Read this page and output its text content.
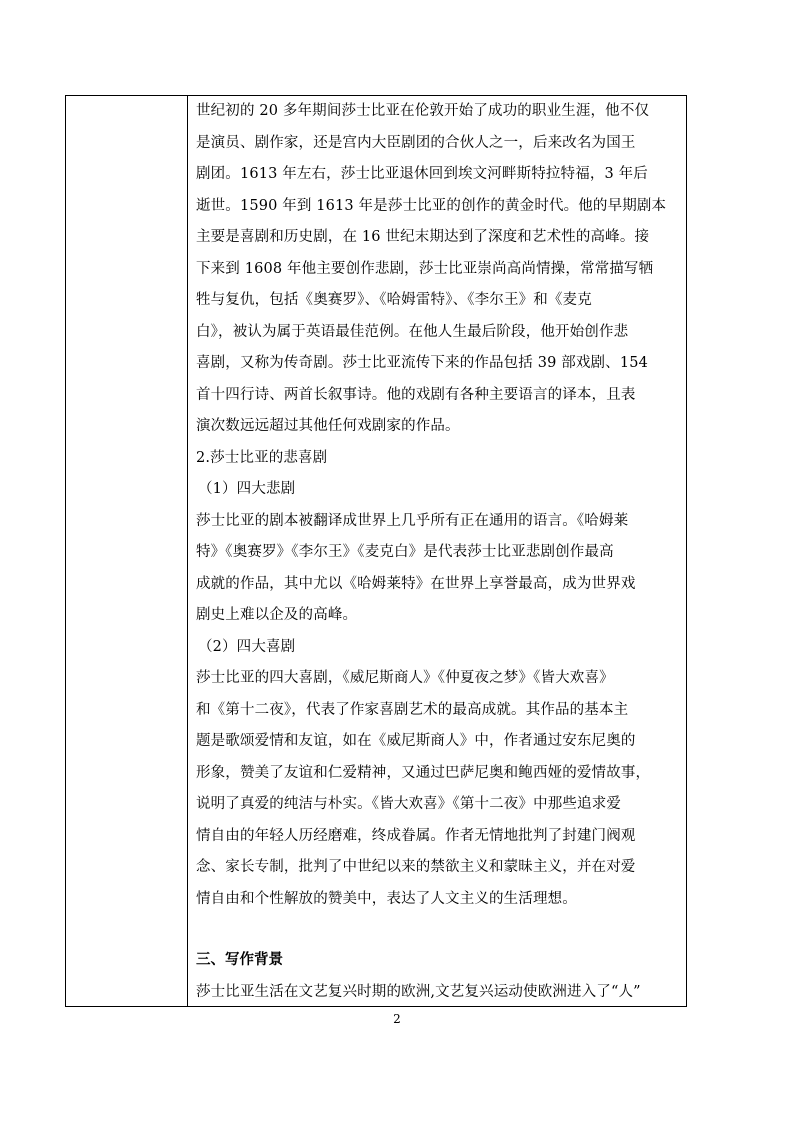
世纪初的 20 多年期间莎士比亚在伦敦开始了成功的职业生涯，他不仅
是演员、剧作家，还是宫内大臣剧团的合伙人之一，后来改名为国王
剧团。1613 年左右，莎士比亚退休回到埃文河畔斯特拉特福，3 年后
逝世。1590 年到 1613 年是莎士比亚的创作的黄金时代。他的早期剧本
主要是喜剧和历史剧，在 16 世纪末期达到了深度和艺术性的高峰。接
下来到 1608 年他主要创作悲剧，莎士比亚崇尚高尚情操，常常描写牺
牲与复仇，包括《奥赛罗》、《哈姆雷特》、《李尔王》和《麦克
白》，被认为属于英语最佳范例。在他人生最后阶段，他开始创作悲
喜剧，又称为传奇剧。莎士比亚流传下来的作品包括 39 部戏剧、154
首十四行诗、两首长叙事诗。他的戏剧有各种主要语言的译本，且表
演次数远远超过其他任何戏剧家的作品。
2.莎士比亚的悲喜剧
（1）四大悲剧
莎士比亚的剧本被翻译成世界上几乎所有正在通用的语言。《哈姆莱
特》《奥赛罗》《李尔王》《麦克白》是代表莎士比亚悲剧创作最高
成就的作品，其中尤以《哈姆莱特》在世界上享誉最高，成为世界戏
剧史上难以企及的高峰。
（2）四大喜剧
莎士比亚的四大喜剧，《威尼斯商人》《仲夏夜之梦》《皆大欢喜》
和《第十二夜》，代表了作家喜剧艺术的最高成就。其作品的基本主
题是歌颂爱情和友谊，如在《威尼斯商人》中，作者通过安东尼奥的
形象，赞美了友谊和仁爱精神，又通过巴萨尼奥和鲍西娅的爱情故事，
说明了真爱的纯洁与朴实。《皆大欢喜》《第十二夜》中那些追求爱
情自由的年轻人历经磨难，终成眷属。作者无情地批判了封建门阀观
念、家长专制，批判了中世纪以来的禁欲主义和蒙昧主义，并在对爱
情自由和个性解放的赞美中，表达了人文主义的生活理想。
三、写作背景
莎士比亚生活在文艺复兴时期的欧洲,文艺复兴运动使欧洲进入了“人”
2
